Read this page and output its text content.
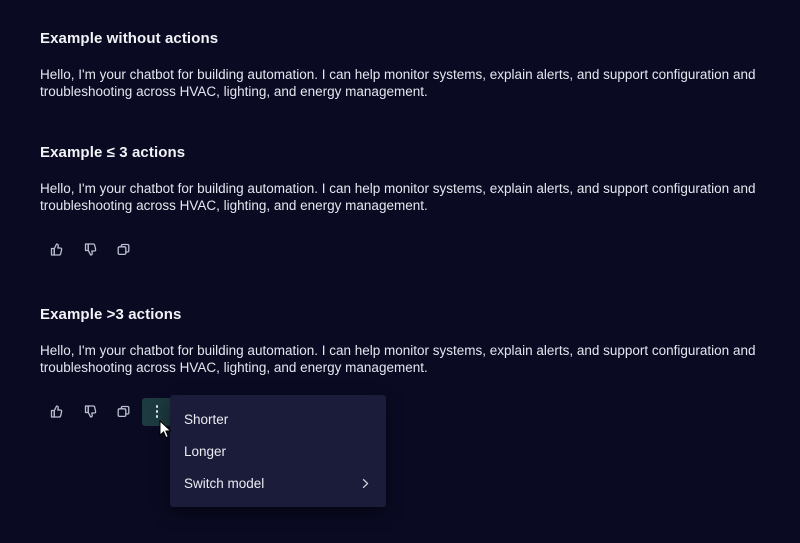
Example without actions

Hello, I'm your chatbot for building automation. I can help monitor systems, explain alerts, and support configuration and troubleshooting across HVAC, lighting, and energy management.

Example ≤ 3 actions

Hello, I'm your chatbot for building automation. I can help monitor systems, explain alerts, and support configuration and troubleshooting across HVAC, lighting, and energy management.

Example >3 actions

Hello, I'm your chatbot for building automation. I can help monitor systems, explain alerts, and support configuration and troubleshooting across HVAC, lighting, and energy management.

Shorter
Longer
Switch model
